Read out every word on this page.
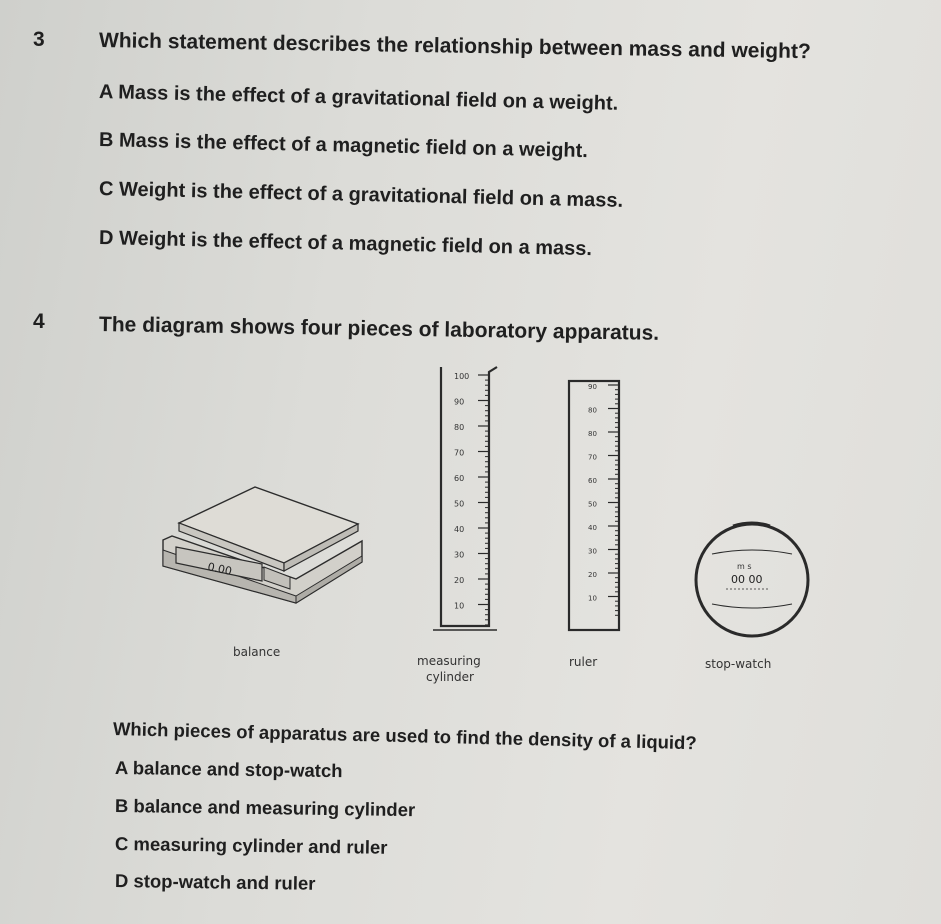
3	Which statement describes the relationship between mass and weight?
A Mass is the effect of a gravitational field on a weight.
B Mass is the effect of a magnetic field on a weight.
C Weight is the effect of a gravitational field on a mass.
D Weight is the effect of a magnetic field on a mass.
4	The diagram shows four pieces of laboratory apparatus.
0.00
100
90
80
70
60
50
40
30
20
10
90
80
80
70
60
50
40
30
20
10
m s
00 00
balance
measuring
cylinder
ruler	stop-watch
Which pieces of apparatus are used to find the density of a liquid?
A balance and stop-watch
B balance and measuring cylinder
C measuring cylinder and ruler
D stop-watch and ruler
